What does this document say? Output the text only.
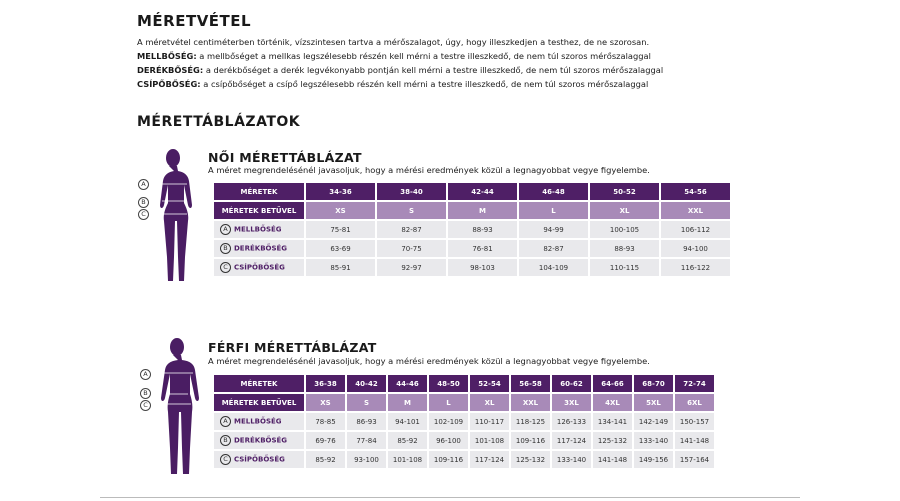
MÉRETVÉTEL
A méretvétel centiméterben történik, vízszintesen tartva a mérőszalagot, úgy, hogy illeszkedjen a testhez, de ne szorosan.
MELLBŐSÉG: a mellbőséget a mellkas legszélesebb részén kell mérni a testre illeszkedő, de nem túl szoros mérőszalaggal
DERÉKBŐSÉG: a derékbőséget a derék legvékonyabb pontján kell mérni a testre illeszkedő, de nem túl szoros mérőszalaggal
CSÍPŐBŐSÉG: a csípőbőséget a csípő legszélesebb részén kell mérni a testre illeszkedő, de nem túl szoros mérőszalaggal
MÉRETTÁBLÁZATOK
A
B
C
NŐI MÉRETTÁBLÁZAT
A méret megrendelésénél javasoljuk, hogy a mérési eredmények közül a legnagyobbat vegye figyelembe.
MÉRETEK	34-36	38-40	42-44	46-48	50-52	54-56
MÉRETEK BETŰVEL	XS	S	M	L	XL	XXL
A MELLBŐSÉG	75-81	82-87	88-93	94-99	100-105	106-112
B DERÉKBŐSÉG	63-69	70-75	76-81	82-87	88-93	94-100
C CSÍPŐBŐSÉG	85-91	92-97	98-103	104-109	110-115	116-122
A
B
C
FÉRFI MÉRETTÁBLÁZAT
A méret megrendelésénél javasoljuk, hogy a mérési eredmények közül a legnagyobbat vegye figyelembe.
MÉRETEK	36-38	40-42	44-46	48-50	52-54	56-58	60-62	64-66	68-70	72-74
MÉRETEK BETŰVEL	XS	S	M	L	XL	XXL	3XL	4XL	5XL	6XL
A MELLBŐSÉG	78-85	86-93	94-101	102-109	110-117	118-125	126-133	134-141	142-149	150-157
B DERÉKBŐSÉG	69-76	77-84	85-92	96-100	101-108	109-116	117-124	125-132	133-140	141-148
C CSÍPŐBŐSÉG	85-92	93-100	101-108	109-116	117-124	125-132	133-140	141-148	149-156	157-164
